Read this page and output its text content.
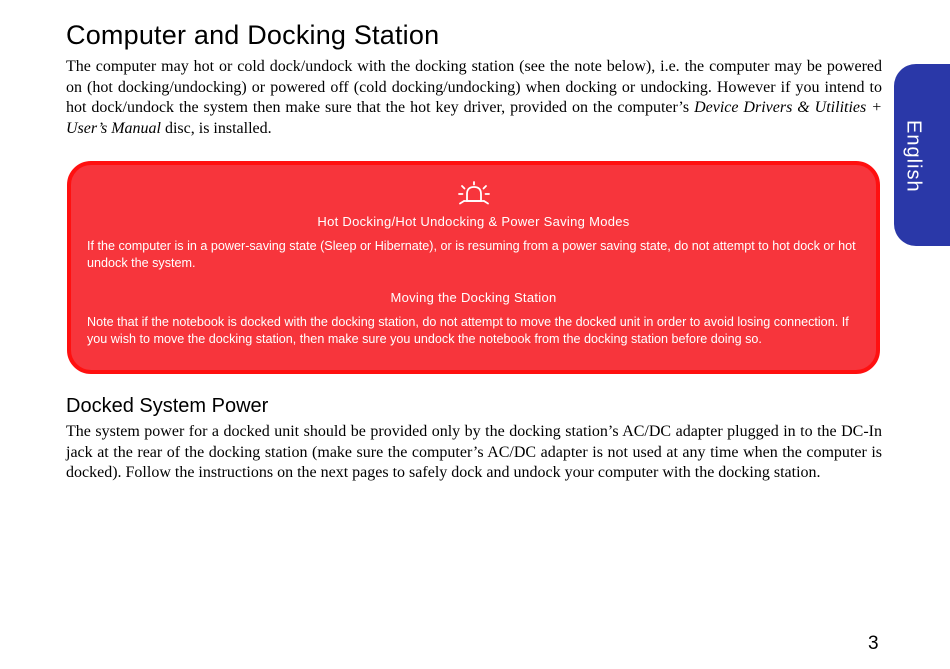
Computer and Docking Station

The computer may hot or cold dock/undock with the docking station (see the note below), i.e. the computer may be powered on (hot docking/undocking) or powered off (cold docking/undocking) when docking or undocking. However if you intend to hot dock/undock the system then make sure that the hot key driver, provided on the computer’s Device Drivers & Utilities + User’s Manual disc, is installed.	English

Hot Docking/Hot Undocking & Power Saving Modes

If the computer is in a power-saving state (Sleep or Hibernate), or is resuming from a power saving state, do not attempt to hot dock or hot undock the system.

Moving the Docking Station

Note that if the notebook is docked with the docking station, do not attempt to move the docked unit in order to avoid losing connection. If you wish to move the docking station, then make sure you undock the notebook from the docking station before doing so.

Docked System Power

The system power for a docked unit should be provided only by the docking station’s AC/DC adapter plugged in to the DC-In jack at the rear of the docking station (make sure the computer’s AC/DC adapter is not used at any time when the computer is docked). Follow the instructions on the next pages to safely dock and undock your computer with the docking station.

3
